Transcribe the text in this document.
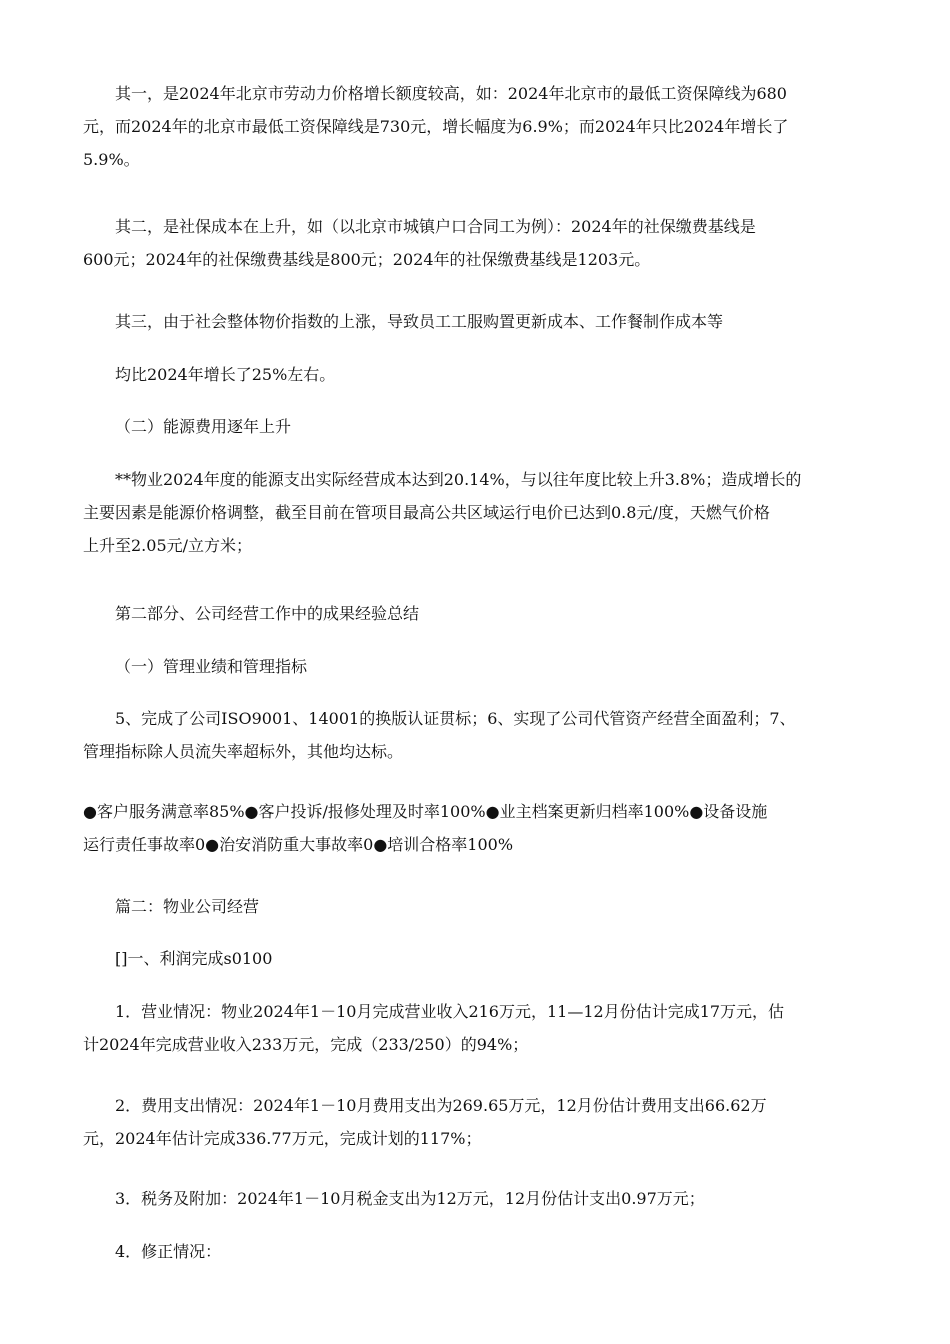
其一，是2024年北京市劳动力价格增长额度较高，如：2024年北京市的最低工资保障线为680
元，而2024年的北京市最低工资保障线是730元，增长幅度为6.9%；而2024年只比2024年增长了
5.9%。

其二，是社保成本在上升，如（以北京市城镇户口合同工为例）：2024年的社保缴费基线是
600元；2024年的社保缴费基线是800元；2024年的社保缴费基线是1203元。

其三，由于社会整体物价指数的上涨，导致员工工服购置更新成本、工作餐制作成本等

均比2024年增长了25%左右。

（二）能源费用逐年上升

**物业2024年度的能源支出实际经营成本达到20.14%，与以往年度比较上升3.8%；造成增长的
主要因素是能源价格调整，截至目前在管项目最高公共区域运行电价已达到0.8元/度，天燃气价格
上升至2.05元/立方米；

第二部分、公司经营工作中的成果经验总结

（一）管理业绩和管理指标

5、完成了公司ISO9001、14001的换版认证贯标；6、实现了公司代管资产经营全面盈利；7、
管理指标除人员流失率超标外，其他均达标。

●客户服务满意率85%●客户投诉/报修处理及时率100%●业主档案更新归档率100%●设备设施
运行责任事故率0●治安消防重大事故率0●培训合格率100%

篇二：物业公司经营

[]一、利润完成s0100

1．营业情况：物业2024年1－10月完成营业收入216万元，11—12月份估计完成17万元，估
计2024年完成营业收入233万元，完成（233/250）的94%；

2．费用支出情况：2024年1－10月费用支出为269.65万元，12月份估计费用支出66.62万
元，2024年估计完成336.77万元，完成计划的117%；

3．税务及附加：2024年1－10月税金支出为12万元，12月份估计支出0.97万元；

4．修正情况：
